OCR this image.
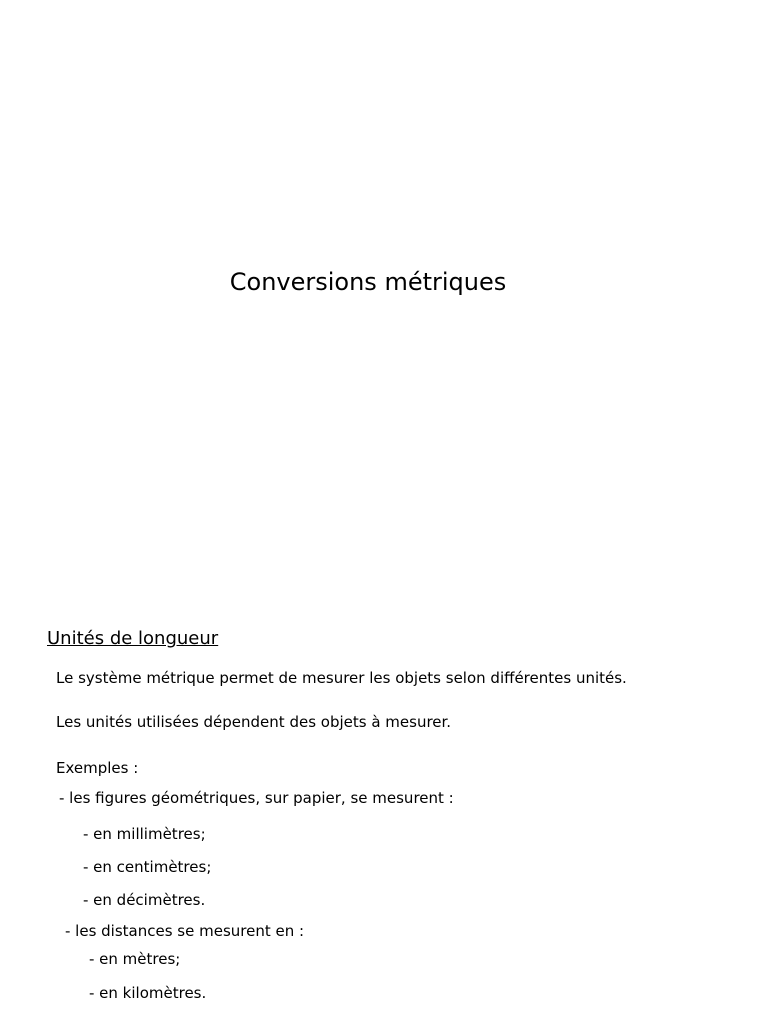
Conversions métriques
Unités de longueur
Le système métrique permet de mesurer les objets selon différentes unités.
Les unités utilisées dépendent des objets à mesurer.
Exemples :
- les figures géométriques, sur papier, se mesurent :
- en millimètres;
- en centimètres;
- en décimètres.
- les distances se mesurent en :
- en mètres;
- en kilomètres.
